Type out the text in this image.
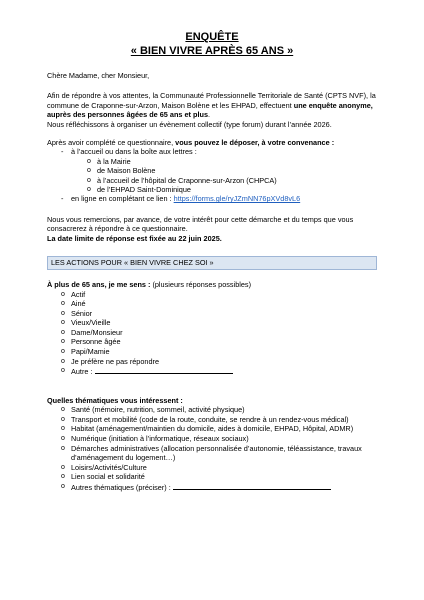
ENQUÊTE
« BIEN VIVRE APRÈS 65 ANS »

Chère Madame, cher Monsieur,

Afin de répondre à vos attentes, la Communauté Professionnelle Territoriale de Santé (CPTS NVF), la commune de Craponne-sur-Arzon, Maison Bolène et les EHPAD, effectuent une enquête anonyme, auprès des personnes âgées de 65 ans et plus.

Nous réfléchissons à organiser un évènement collectif (type forum) durant l’année 2026.

Après avoir complété ce questionnaire, vous pouvez le déposer, à votre convenance :

- à l’accueil ou dans la boîte aux lettres :
o à la Mairie
o de Maison Bolène
o à l’accueil de l’hôpital de Craponne-sur-Arzon (CHPCA)
o de l’EHPAD Saint-Dominique
- en ligne en complétant ce lien : https://forms.gle/ryJZmNN76pXVd8vL6

Nous vous remercions, par avance, de votre intérêt pour cette démarche et du temps que vous consacrerez à répondre à ce questionnaire.

La date limite de réponse est fixée au 22 juin 2025.

LES ACTIONS POUR « BIEN VIVRE CHEZ SOI »

À plus de 65 ans, je me sens : (plusieurs réponses possibles)

o Actif
o Ainé
o Sénior
o Vieux/Vieille
o Dame/Monsieur
o Personne âgée
o Papi/Mamie
o Je préfère ne pas répondre
o Autre :

Quelles thématiques vous intéressent :

o Santé (mémoire, nutrition, sommeil, activité physique)
o Transport et mobilité (code de la route, conduite, se rendre à un rendez-vous médical)
o Habitat (aménagement/maintien du domicile, aides à domicile, EHPAD, Hôpital, ADMR)
o Numérique (initiation à l’informatique, réseaux sociaux)
o Démarches administratives (allocation personnalisée d’autonomie, téléassistance, travaux d’aménagement du logement…)
o Loisirs/Activités/Culture
o Lien social et solidarité
o Autres thématiques (préciser) :
